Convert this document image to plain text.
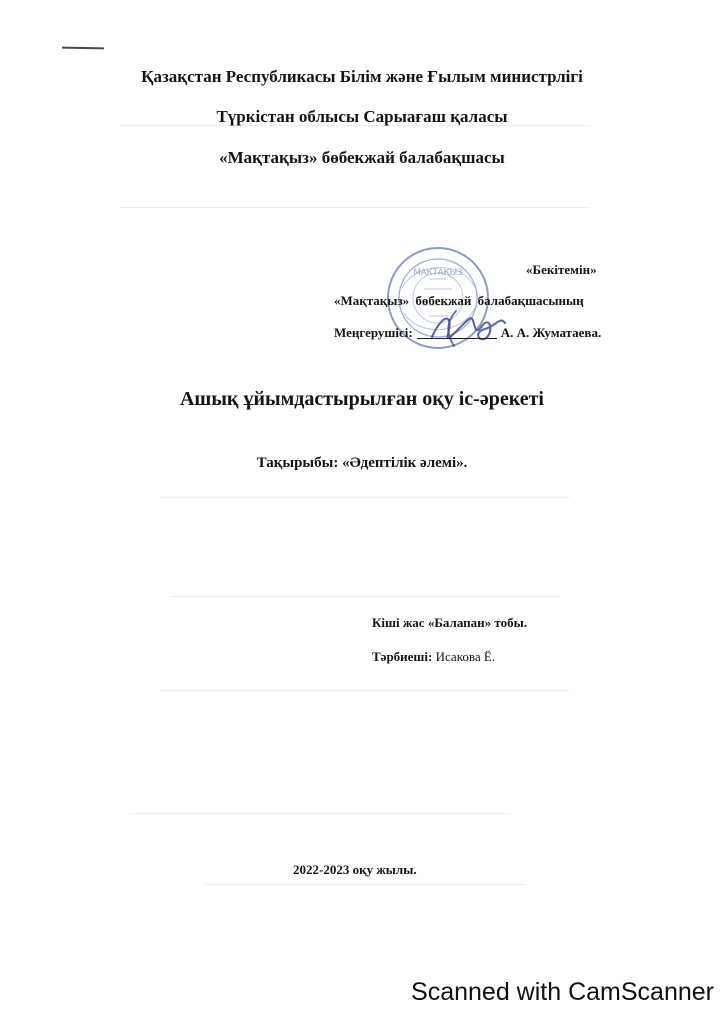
Қазақстан Республикасы Білім және Ғылым министрлігі
Түркістан облысы Сарыағаш қаласы
«Мақтақыз» бөбекжай балабақшасы
МАКТАҚЫЗ	«Бекітемін»
«Мақтақыз» бөбекжай балабақшасының
Меңгерушісі:	А. А. Жуматаева.
Ашық ұйымдастырылған оқу іс-әрекеті
Тақырыбы: «Әдептілік әлемі».
Кіші жас «Балапан» тобы.
Тәрбиеші: Исакова Ё.
2022-2023 оқу жылы.
Scanned with CamScanner
